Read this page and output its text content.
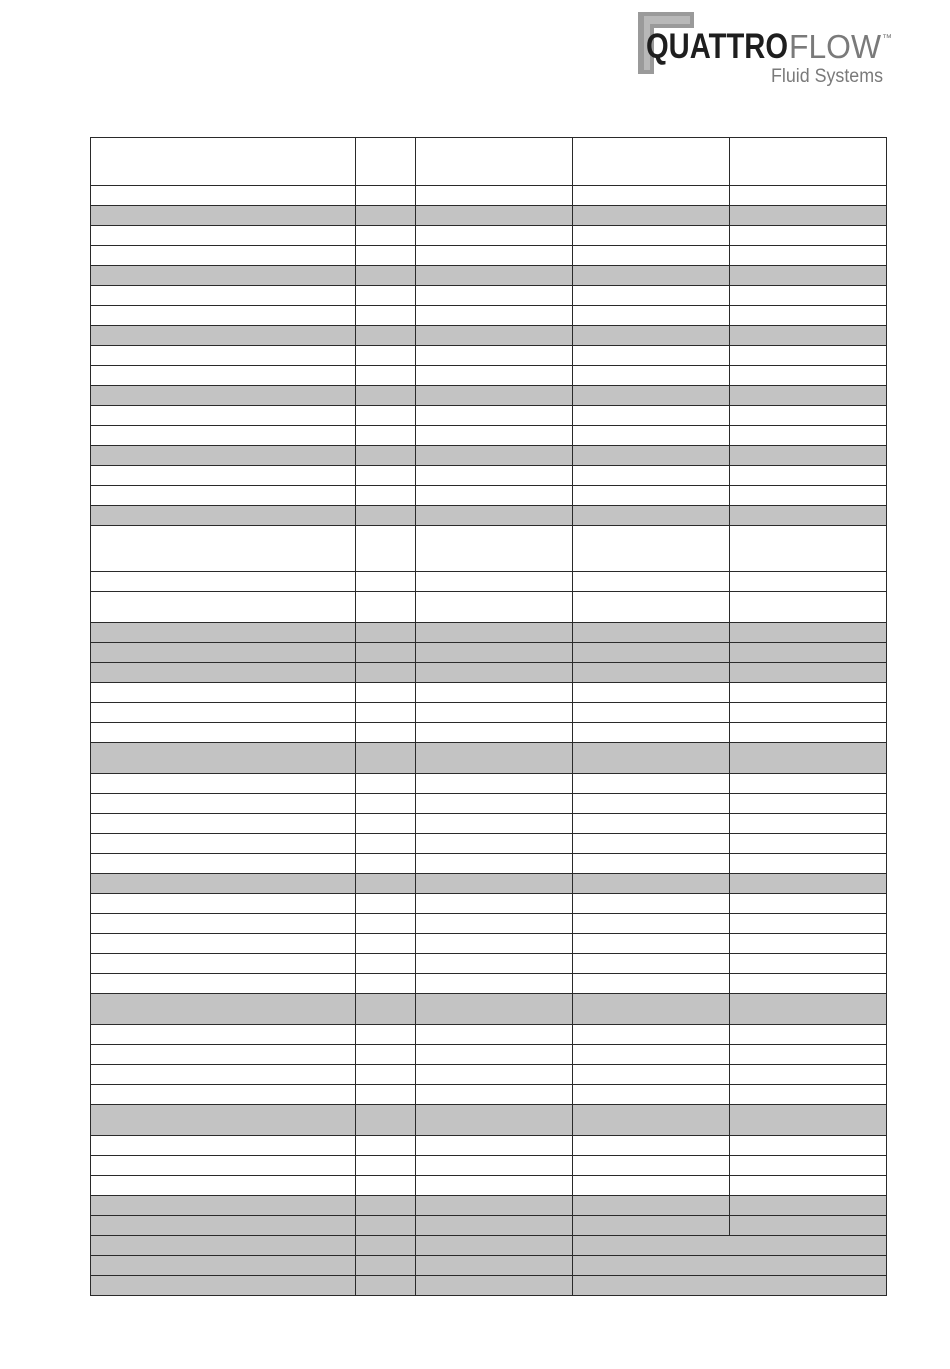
QUATTRO FLOW ™
Fluid Systems
